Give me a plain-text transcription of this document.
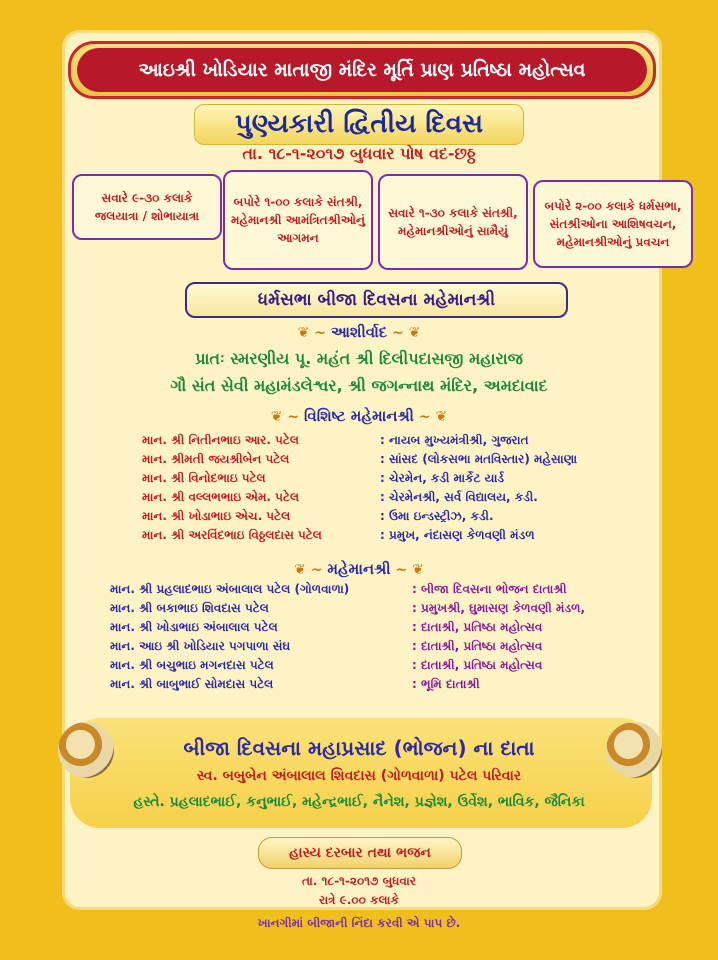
આઇશ્રી ખોડિયાર માતાજી મંદિર મૂર્તિ પ્રાણ પ્રતિષ્ઠા મહોત્સવ
પુણ્યકારી દ્વિતીય દિવસ
તા. ૧૮-૧-૨૦૧૭ બુધવાર પોષ વદ-છઠ્ઠ
સવારે ૯-૩૦ કલાકે જલયાત્રા / શોભાયાત્રા
બપોરે ૧-૦૦ કલાકે સંતશ્રી, મહેમાનશ્રી આમંત્રિતશ્રીઓનું આગમન
સવારે ૧-૩૦ કલાકે સંતશ્રી, મહેમાનશ્રીઓનું સામૈયું
બપોરે ૨-૦૦ કલાકે ધર્મસભા, સંતશ્રીઓના આશિષવચન, મહેમાનશ્રીઓનું પ્રવચન
ધર્મસભા બીજા દિવસના મહેમાનશ્રી
❦ ~ આશીર્વાદ ~ ❦
પ્રાતઃ સ્મરણીય પૂ. મહંત શ્રી દિલીપદાસજી મહારાજ
ગૌ સંત સેવી મહામંડલેશ્વર, શ્રી જગન્નાથ મંદિર, અમદાવાદ
❦ ~ વિશિષ્ટ મહેમાનશ્રી ~ ❦
માન. શ્રી નિતીનભાઇ આર. પટેલ	: નાયબ મુખ્યમંત્રીશ્રી, ગુજરાત
માન. શ્રીમતી જયશ્રીબેન પટેલ	: સાંસદ (લોકસભા મતવિસ્તાર) મહેસાણા
માન. શ્રી વિનોદભાઇ પટેલ	: ચેરમેન, કડી માર્કેટ યાર્ડ
માન. શ્રી વલ્લભભાઇ એમ. પટેલ	: ચેરમેનશ્રી, સર્વ વિદ્યાલય, કડી.
માન. શ્રી ખોડાભાઇ એચ. પટેલ	: ઉમા ઇન્ડસ્ટ્રીઝ, કડી.
માન. શ્રી અરવિંદભાઇ વિઠ્ઠલદાસ પટેલ	: પ્રમુખ, નંદાસણ કેળવણી મંડળ
❦ ~ મહેમાનશ્રી ~ ❦
માન. શ્રી પ્રહલાદભાઇ અંબાલાલ પટેલ (ગોળવાળા)	: બીજા દિવસના ભોજન દાતાશ્રી
માન. શ્રી બકાભાઇ શિવદાસ પટેલ	: પ્રમુખશ્રી, ઘુમાસણ કેળવણી મંડળ,
માન. શ્રી ખોડાભાઇ અંબાલાલ પટેલ	: દાતાશ્રી, પ્રતિષ્ઠા મહોત્સવ
માન. આઇ શ્રી ખોડિયાર પગપાળા સંઘ	: દાતાશ્રી, પ્રતિષ્ઠા મહોત્સવ
માન. શ્રી બચુભાઇ મગનદાસ પટેલ	: દાતાશ્રી, પ્રતિષ્ઠા મહોત્સવ
માન. શ્રી બાબુભાઈ સોમદાસ પટેલ	: ભૂમિ દાતાશ્રી
બીજા દિવસના મહાપ્રસાદ (ભોજન) ના દાતા
સ્વ. બબુબેન અંબાલાલ શિવદાસ (ગોળવાળા) પટેલ પરિવાર
હસ્તે. પ્રહલાદભાઈ, કનુભાઈ, મહેન્દ્રભાઈ, નૈનેશ, પ્રજ્ઞેશ, ઉર્વેશ, ભાવિક, જૈનિકા
હાસ્ય દરબાર તથા ભજન
તા. ૧૮-૧-૨૦૧૭ બુધવાર
રાત્રે ૯.૦૦ કલાકે
ખાનગીમાં બીજાની નિંદા કરવી એ પાપ છે.
